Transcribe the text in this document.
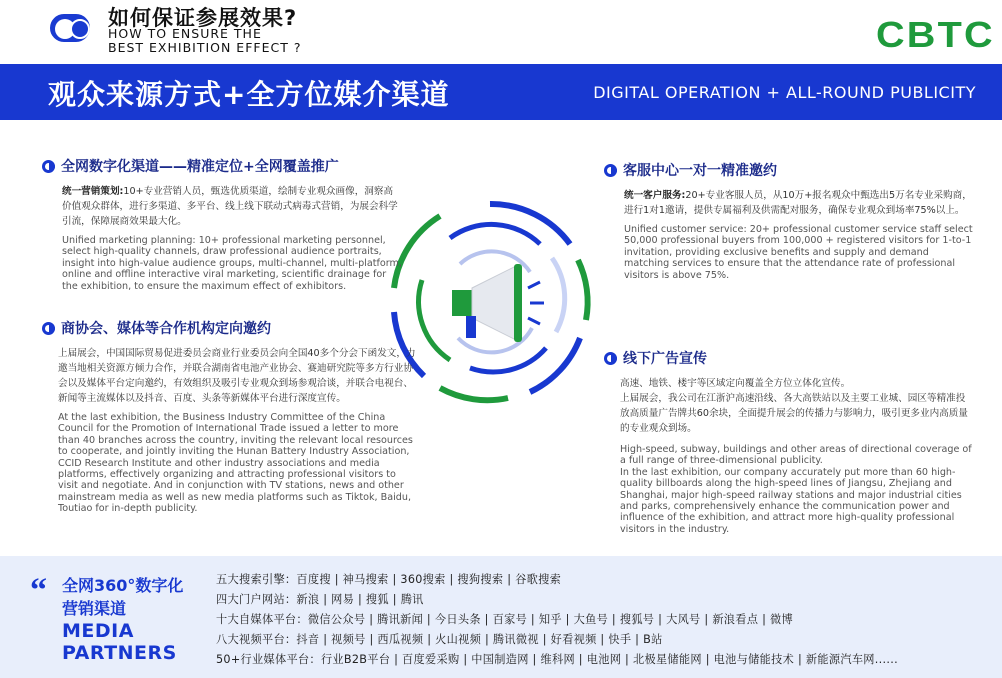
如何保证参展效果?
HOW TO ENSURE THE
BEST EXHIBITION EFFECT ?	CBTC
观众来源方式+全方位媒介渠道	DIGITAL OPERATION + ALL-ROUND PUBLICITY
全网数字化渠道——精准定位+全网覆盖推广
统一营销策划:10+专业营销人员，甄选优质渠道，绘制专业观众画像，洞察高价值观众群体，进行多渠道、多平台、线上线下联动式病毒式营销，为展会科学引流，保障展商效果最大化。
Unified marketing planning: 10+ professional marketing personnel, select high-quality channels, draw professional audience portraits, insight into high-value audience groups, multi-channel, multi-platform, online and offline interactive viral marketing, scientific drainage for the exhibition, to ensure the maximum effect of exhibitors.
客服中心一对一精准邀约
统一客户服务:20+专业客服人员，从10万+报名观众中甄选出5万名专业采购商，进行1对1邀请，提供专属福利及供需配对服务，确保专业观众到场率75%以上。
Unified customer service: 20+ professional customer service staff select 50,000 professional buyers from 100,000 + registered visitors for 1-to-1 invitation, providing exclusive benefits and supply and demand matching services to ensure that the attendance rate of professional visitors is above 75%.
商协会、媒体等合作机构定向邀约
上届展会，中国国际贸易促进委员会商业行业委员会向全国40多个分会下函发文，力邀当地相关资源方倾力合作，并联合湖南省电池产业协会、赛迪研究院等多方行业协会以及媒体平台定向邀约，有效组织及吸引专业观众到场参观洽谈，并联合电视台、新闻等主流媒体以及抖音、百度、头条等新媒体平台进行深度宣传。
At the last exhibition, the Business Industry Committee of the China Council for the Promotion of International Trade issued a letter to more than 40 branches across the country, inviting the relevant local resources to cooperate, and jointly inviting the Hunan Battery Industry Association, CCID Research Institute and other industry associations and media platforms, effectively organizing and attracting professional visitors to visit and negotiate. And in conjunction with TV stations, news and other mainstream media as well as new media platforms such as Tiktok, Baidu, Toutiao for in-depth publicity.
线下广告宣传
高速、地铁、楼宇等区域定向覆盖全方位立体化宣传。
上届展会，我公司在江浙沪高速沿线、各大高铁站以及主要工业城、园区等精准投放高质量广告牌共60余块，全面提升展会的传播力与影响力，吸引更多业内高质量的专业观众到场。
High-speed, subway, buildings and other areas of directional coverage of a full range of three-dimensional publicity.
In the last exhibition, our company accurately put more than 60 high-quality billboards along the high-speed lines of Jiangsu, Zhejiang and Shanghai, major high-speed railway stations and major industrial cities and parks, comprehensively enhance the communication power and influence of the exhibition, and attract more high-quality professional visitors in the industry.
“ 全网360°数字化
营销渠道
MEDIA
PARTNERS
五大搜索引擎：百度搜 | 神马搜索 | 360搜索 | 搜狗搜索 | 谷歌搜索
四大门户网站：新浪 | 网易 | 搜狐 | 腾讯
十大自媒体平台：微信公众号 | 腾讯新闻 | 今日头条 | 百家号 | 知乎 | 大鱼号 | 搜狐号 | 大风号 | 新浪看点 | 微博
八大视频平台：抖音 | 视频号 | 西瓜视频 | 火山视频 | 腾讯微视 | 好看视频 | 快手 | B站
50+行业媒体平台：行业B2B平台 | 百度爱采购 | 中国制造网 | 维科网 | 电池网 | 北极星储能网 | 电池与储能技术 | 新能源汽车网......
